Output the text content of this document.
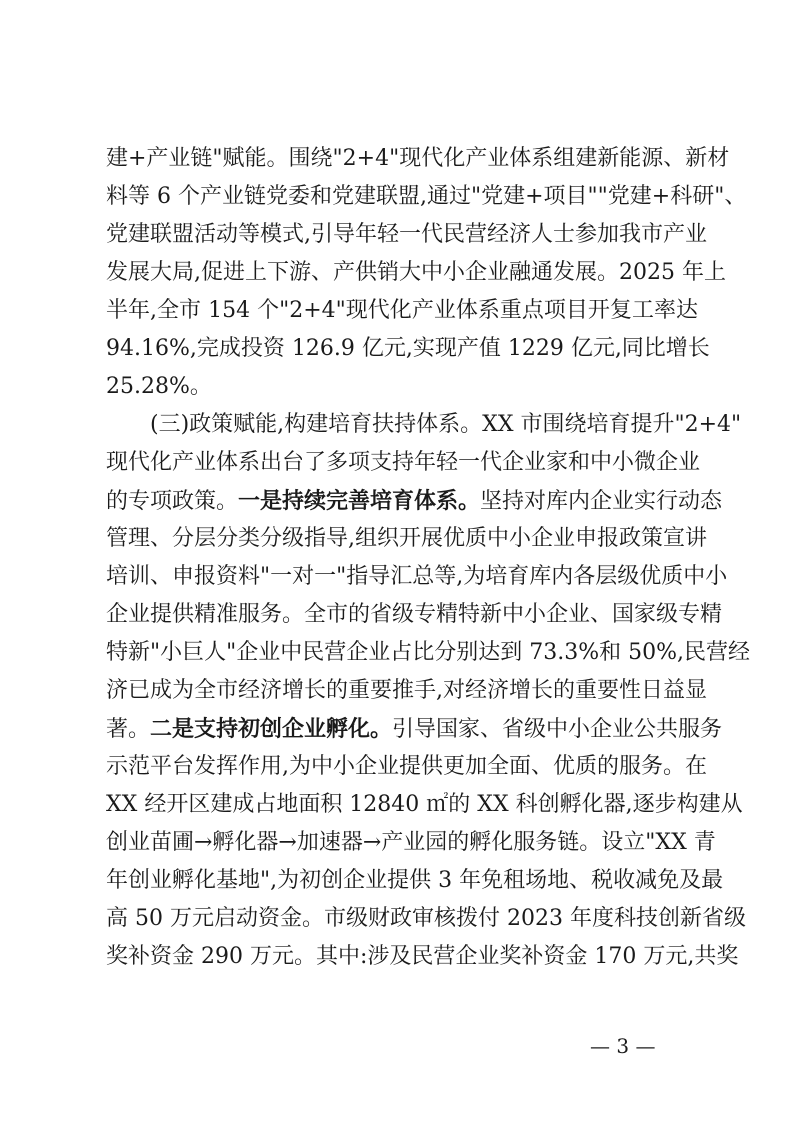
建+产业链"赋能。围绕"2+4"现代化产业体系组建新能源、新材
料等 6 个产业链党委和党建联盟,通过"党建+项目""党建+科研"、
党建联盟活动等模式,引导年轻一代民营经济人士参加我市产业
发展大局,促进上下游、产供销大中小企业融通发展。2025 年上
半年,全市 154 个"2+4"现代化产业体系重点项目开复工率达
94.16%,完成投资 126.9 亿元,实现产值 1229 亿元,同比增长
25.28%。
(三)政策赋能,构建培育扶持体系。XX 市围绕培育提升"2+4"
现代化产业体系出台了多项支持年轻一代企业家和中小微企业
的专项政策。一是持续完善培育体系。坚持对库内企业实行动态
管理、分层分类分级指导,组织开展优质中小企业申报政策宣讲
培训、申报资料"一对一"指导汇总等,为培育库内各层级优质中小
企业提供精准服务。全市的省级专精特新中小企业、国家级专精
特新"小巨人"企业中民营企业占比分别达到 73.3%和 50%,民营经
济已成为全市经济增长的重要推手,对经济增长的重要性日益显
著。二是支持初创企业孵化。引导国家、省级中小企业公共服务
示范平台发挥作用,为中小企业提供更加全面、优质的服务。在
XX 经开区建成占地面积 12840 ㎡的 XX 科创孵化器,逐步构建从
创业苗圃→孵化器→加速器→产业园的孵化服务链。设立"XX 青
年创业孵化基地",为初创企业提供 3 年免租场地、税收减免及最
高 50 万元启动资金。市级财政审核拨付 2023 年度科技创新省级
奖补资金 290 万元。其中:涉及民营企业奖补资金 170 万元,共奖
— 3 —
